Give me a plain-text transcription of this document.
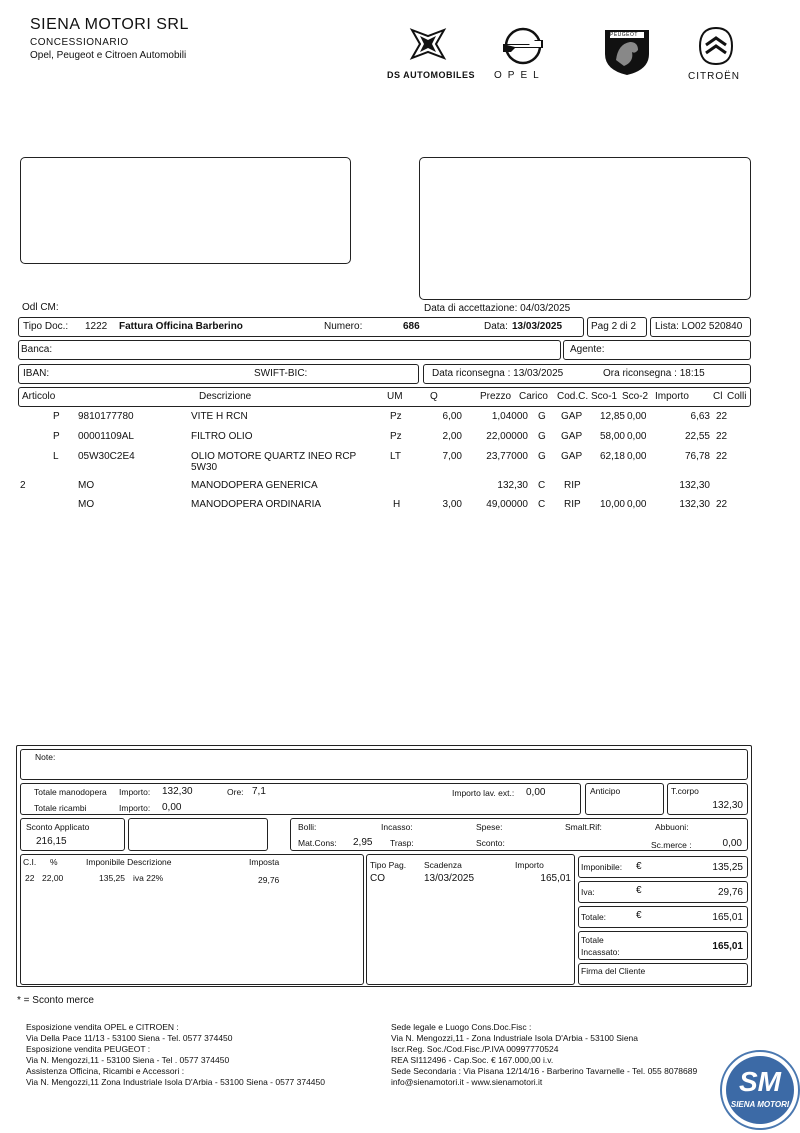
SIENA MOTORI SRL
CONCESSIONARIO
Opel, Peugeot e Citroen Automobili
DS AUTOMOBILES OPEL
PEUGEOT
CITROËN
Odl CM:	Data di accettazione: 04/03/2025
Tipo Doc.: 1222 Fattura Officina Barberino	Numero:	686	Data: 13/03/2025	Pag 2 di 2 Lista: LO02 520840
Banca:	Agente:
IBAN:	SWIFT-BIC:	Data riconsegna : 13/03/2025	Ora riconsegna : 18:15
Articolo	Descrizione	UM	Q	Prezzo Carico Cod.C. Sco-1 Sco-2 Importo Cl Colli
P 9810177780	VITE H RCN	Pz	6,00	1,04000 G GAP	12,85 0,00	6,63 22
P 00001109AL	FILTRO OLIO	Pz	2,00	22,00000 G GAP	58,00 0,00	22,55 22
L 05W30C2E4	OLIO MOTORE QUARTZ INEO RCP
5W30
LT	7,00	23,77000 G GAP	62,18 0,00	76,78 22
2	MO	MANODOPERA GENERICA	132,30 C RIP	132,30
MO	MANODOPERA ORDINARIA	H	3,00	49,00000 C RIP	10,00 0,00	132,30 22
Note:
Totale manodopera Importo: 132,30	Ore: 7,1	Importo lav. ext.: 0,00
Totale ricambi	Importo: 0,00
Anticipo	T.corpo
132,30
Sconto Applicato
216,15
Bolli:	Incasso:	Spese:	Smalt.Rif:	Abbuoni:
Mat.Cons: 2,95 Trasp:	Sconto:	Sc.merce :	0,00
C.I. %	Imponibile Descrizione	Imposta
22 22,00	135,25 iva 22%	29,76
Tipo Pag. Scadenza	Importo
CO	13/03/2025	165,01
Imponibile: €	135,25
Iva:	€	29,76
Totale:	€	165,01
Totale
Incassato:	165,01
Firma del Cliente
* = Sconto merce
Esposizione vendita OPEL e CITROEN :
Via Della Pace 11/13 - 53100 Siena - Tel. 0577 374450
Esposizione vendita PEUGEOT :
Via N. Mengozzi,11 - 53100 Siena - Tel . 0577 374450
Assistenza Officina, Ricambi e Accessori :
Via N. Mengozzi,11 Zona Industriale Isola D'Arbia - 53100 Siena - 0577 374450
Sede legale e Luogo Cons.Doc.Fisc :
Via N. Mengozzi,11 - Zona Industriale Isola D'Arbia - 53100 Siena
Iscr.Reg. Soc./Cod.Fisc./P.IVA 00997770524
REA SI112496 - Cap.Soc. € 167.000,00 i.v.
Sede Secondaria : Via Pisana 12/14/16 - Barberino Tavarnelle - Tel. 055 8078689
info@sienamotori.it - www.sienamotori.it	SM
SIENA MOTORI
